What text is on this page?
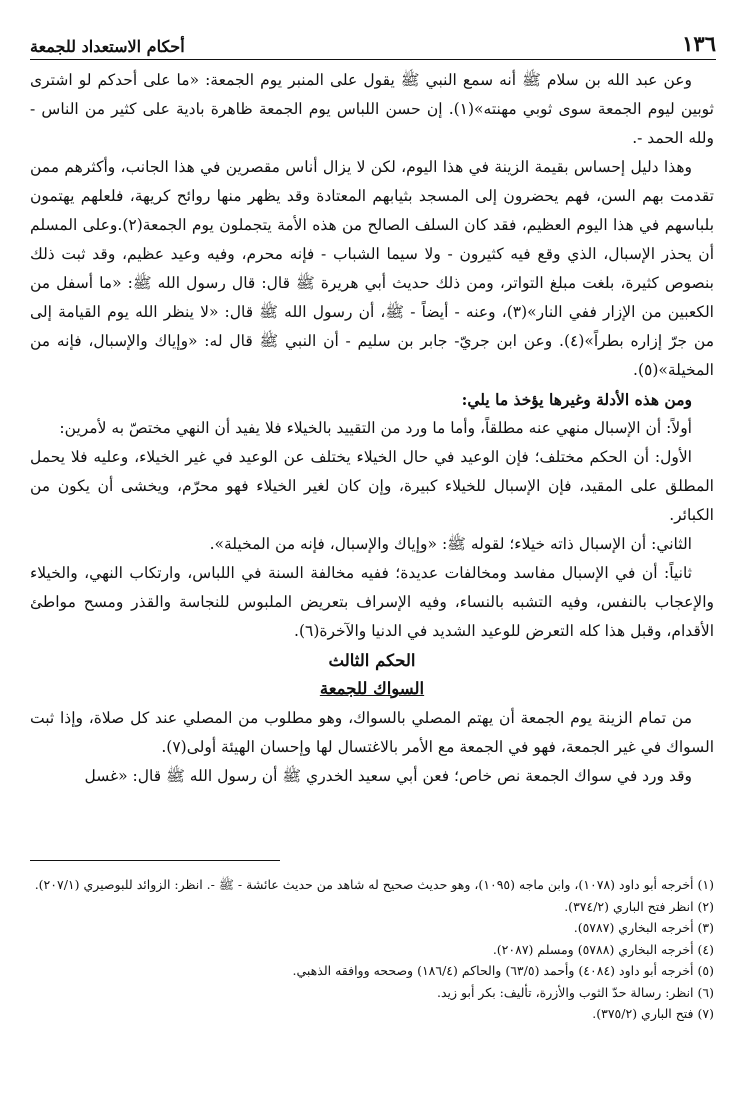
١٣٦
أحكام الاستعداد للجمعة

وعن عبد الله بن سلام ﷺ أنه سمع النبي ﷺ يقول على المنبر يوم الجمعة: «ما على أحدكم لو اشترى ثوبين ليوم الجمعة سوى ثوبي مهنته»(١). إن حسن اللباس يوم الجمعة ظاهرة بادية على كثير من الناس - ولله الحمد -.

وهذا دليل إحساس بقيمة الزينة في هذا اليوم، لكن لا يزال أناس مقصرين في هذا الجانب، وأكثرهم ممن تقدمت بهم السن، فهم يحضرون إلى المسجد بثيابهم المعتادة وقد يظهر منها روائح كريهة، فلعلهم يهتمون بلباسهم في هذا اليوم العظيم، فقد كان السلف الصالح من هذه الأمة يتجملون يوم الجمعة(٢).وعلى المسلم أن يحذر الإسبال، الذي وقع فيه كثيرون - ولا سيما الشباب - فإنه محرم، وفيه وعيد عظيم، وقد ثبت ذلك بنصوص كثيرة، بلغت مبلغ التواتر، ومن ذلك حديث أبي هريرة ﷺ قال: قال رسول الله ﷺ: «ما أسفل من الكعبين من الإزار ففي النار»(٣)، وعنه - أيضاً - ﷺ، أن رسول الله ﷺ قال: «لا ينظر الله يوم القيامة إلى من جرّ إزاره بطراً»(٤). وعن ابن جريّ- جابر بن سليم - أن النبي ﷺ قال له: «وإياك والإسبال، فإنه من المخيلة»(٥).

ومن هذه الأدلة وغيرها يؤخذ ما يلي:

أولاً: أن الإسبال منهي عنه مطلقاً، وأما ما ورد من التقييد بالخيلاء فلا يفيد أن النهي مختصّ به لأمرين:

الأول: أن الحكم مختلف؛ فإن الوعيد في حال الخيلاء يختلف عن الوعيد في غير الخيلاء، وعليه فلا يحمل المطلق على المقيد، فإن الإسبال للخيلاء كبيرة، وإن كان لغير الخيلاء فهو محرّم، ويخشى أن يكون من الكبائر.

الثاني: أن الإسبال ذاته خيلاء؛ لقوله ﷺ: «وإياك والإسبال، فإنه من المخيلة».

ثانياً: أن في الإسبال مفاسد ومخالفات عديدة؛ ففيه مخالفة السنة في اللباس، وارتكاب النهي، والخيلاء والإعجاب بالنفس، وفيه التشبه بالنساء، وفيه الإسراف بتعريض الملبوس للنجاسة والقذر ومسح مواطئ الأقدام، وقبل هذا كله التعرض للوعيد الشديد في الدنيا والآخرة(٦).

الحكم الثالث
السواك للجمعة

من تمام الزينة يوم الجمعة أن يهتم المصلي بالسواك، وهو مطلوب من المصلي عند كل صلاة، وإذا ثبت السواك في غير الجمعة، فهو في الجمعة مع الأمر بالاغتسال لها وإحسان الهيئة أولى(٧).

وقد ورد في سواك الجمعة نص خاص؛ فعن أبي سعيد الخدري ﷺ أن رسول الله ﷺ قال: «غسل

(١) أخرجه أبو داود (١٠٧٨)، وابن ماجه (١٠٩٥)، وهو حديث صحيح له شاهد من حديث عائشة - ﷺ -. انظر: الزوائد للبوصيري (٢٠٧/١).
(٢) انظر فتح الباري (٣٧٤/٢).
(٣) أخرجه البخاري (٥٧٨٧).
(٤) أخرجه البخاري (٥٧٨٨) ومسلم (٢٠٨٧).
(٥) أخرجه أبو داود (٤٠٨٤) وأحمد (٦٣/٥) والحاكم (١٨٦/٤) وصححه ووافقه الذهبي.
(٦) انظر: رسالة حدّ الثوب والأزرة، تأليف: بكر أبو زيد.
(٧) فتح الباري (٣٧٥/٢).
